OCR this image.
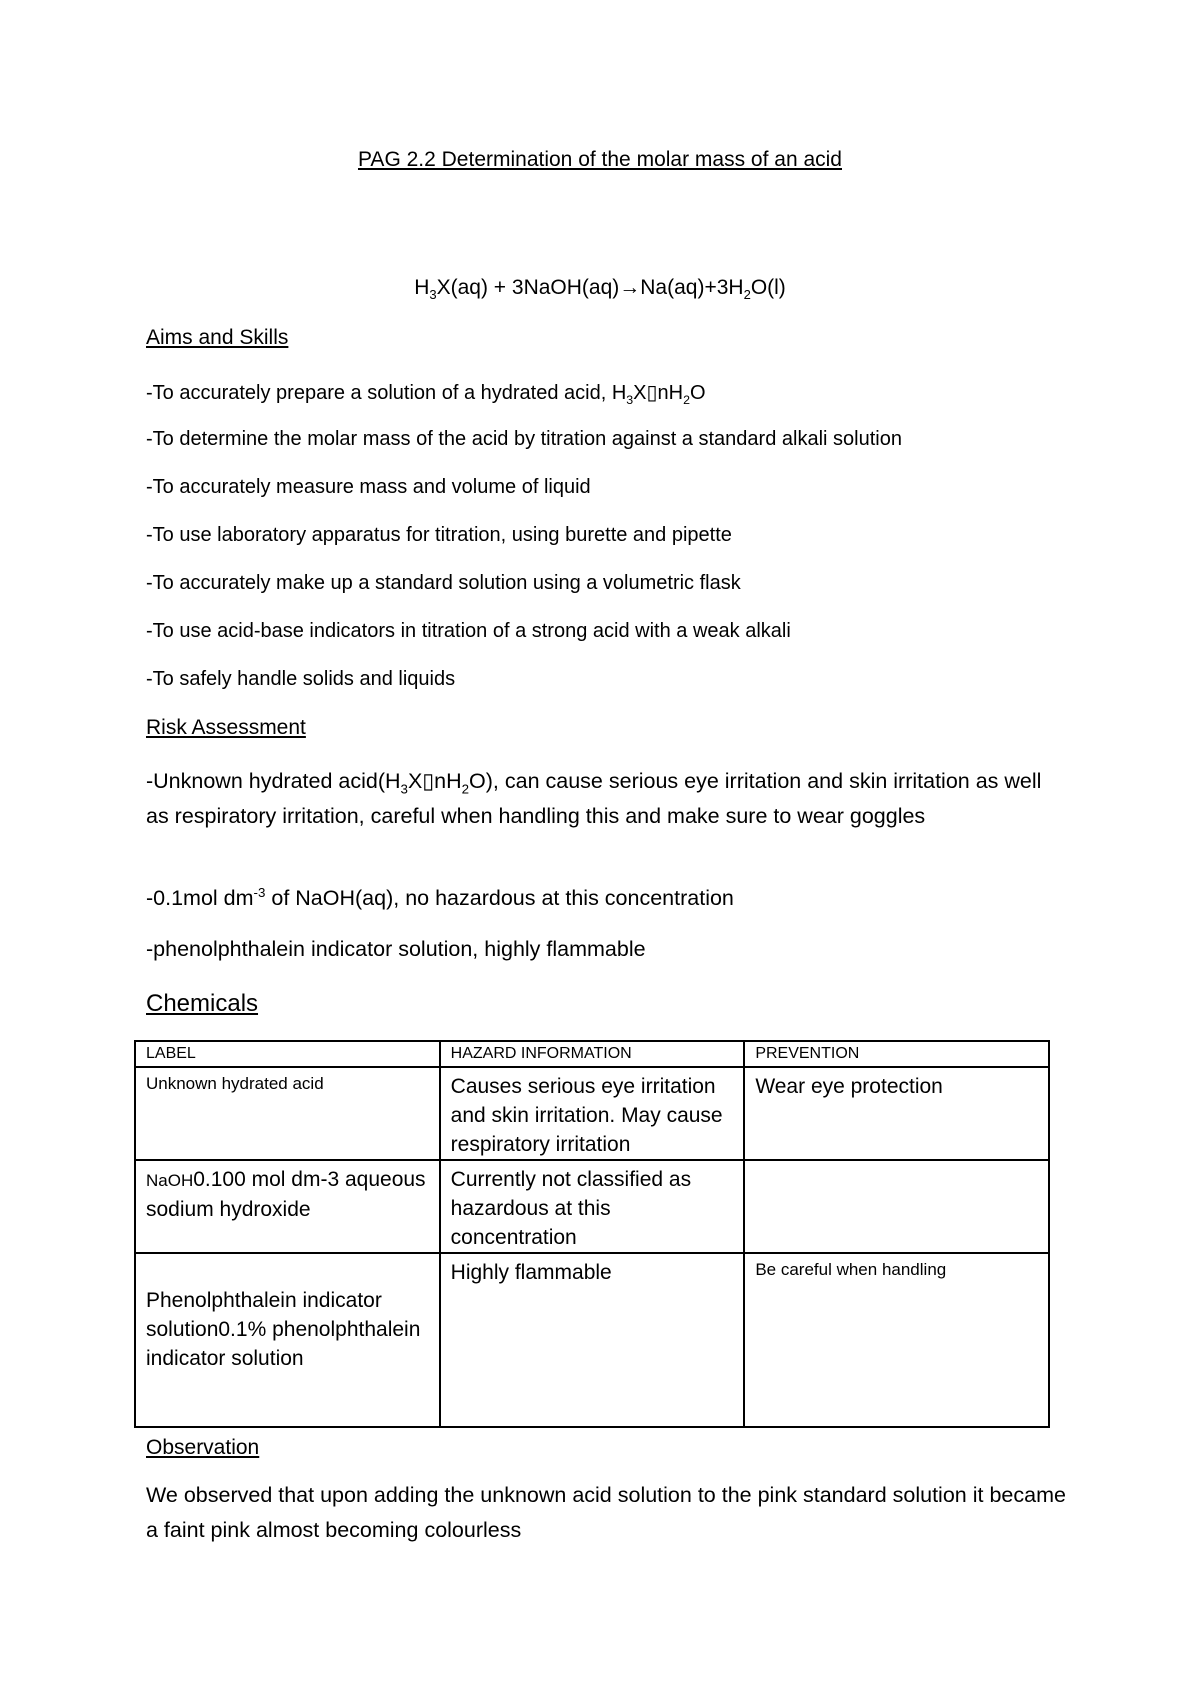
PAG 2.2 Determination of the molar mass of an acid
$H_3X(aq)$ + $3NaOH(aq)\to Na(aq)+3H_2O(l)$
Aims and Skills
-To accurately prepare a solution of a hydrated acid, $H_3X▯nH_2O$
-To determine the molar mass of the acid by titration against a standard alkali solution
-To accurately measure mass and volume of liquid
-To use laboratory apparatus for titration, using burette and pipette
-To accurately make up a standard solution using a volumetric flask
-To use acid-base indicators in titration of a strong acid with a weak alkali
-To safely handle solids and liquids
Risk Assessment
-Unknown hydrated $acid(H_3X▯nH_2O)$, can cause serious eye irritation and skin irritation as well as respiratory irritation, careful when handling this and make sure to wear goggles
-0.1mol $dm^{-3}$ of NaOH(aq), no hazardous at this concentration
-phenolphthalein indicator solution, highly flammable
Chemicals
LABEL	HAZARD INFORMATION	PREVENTION
Unknown hydrated acid	Causes serious eye irritation and skin irritation. May cause respiratory irritation	Wear eye protection
NaOH0.100 mol dm-3 aqueous sodium hydroxide	Currently not classified as hazardous at this concentration	
Phenolphthalein indicator solution0.1% phenolphthalein indicator solution	Highly flammable	Be careful when handling
Observation
We observed that upon adding the unknown acid solution to the pink standard solution it became a faint pink almost becoming colourless
